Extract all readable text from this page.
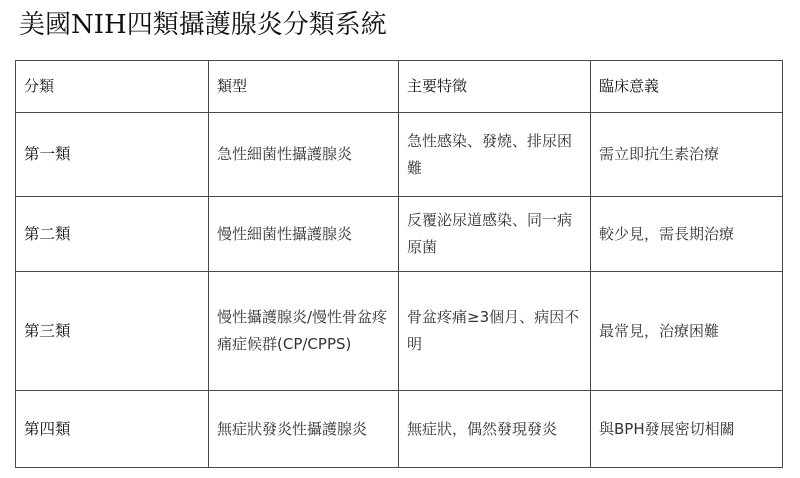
美國NIH四類攝護腺炎分類系統
分類	類型	主要特徵	臨床意義
第一類	急性細菌性攝護腺炎	急性感染、發燒、排尿困難	需立即抗生素治療
第二類	慢性細菌性攝護腺炎	反覆泌尿道感染、同一病原菌	較少見，需長期治療
第三類	慢性攝護腺炎/慢性骨盆疼痛症候群(CP/CPPS)	骨盆疼痛≥3個月、病因不明	最常見，治療困難
第四類	無症狀發炎性攝護腺炎	無症狀，偶然發現發炎	與BPH發展密切相關
